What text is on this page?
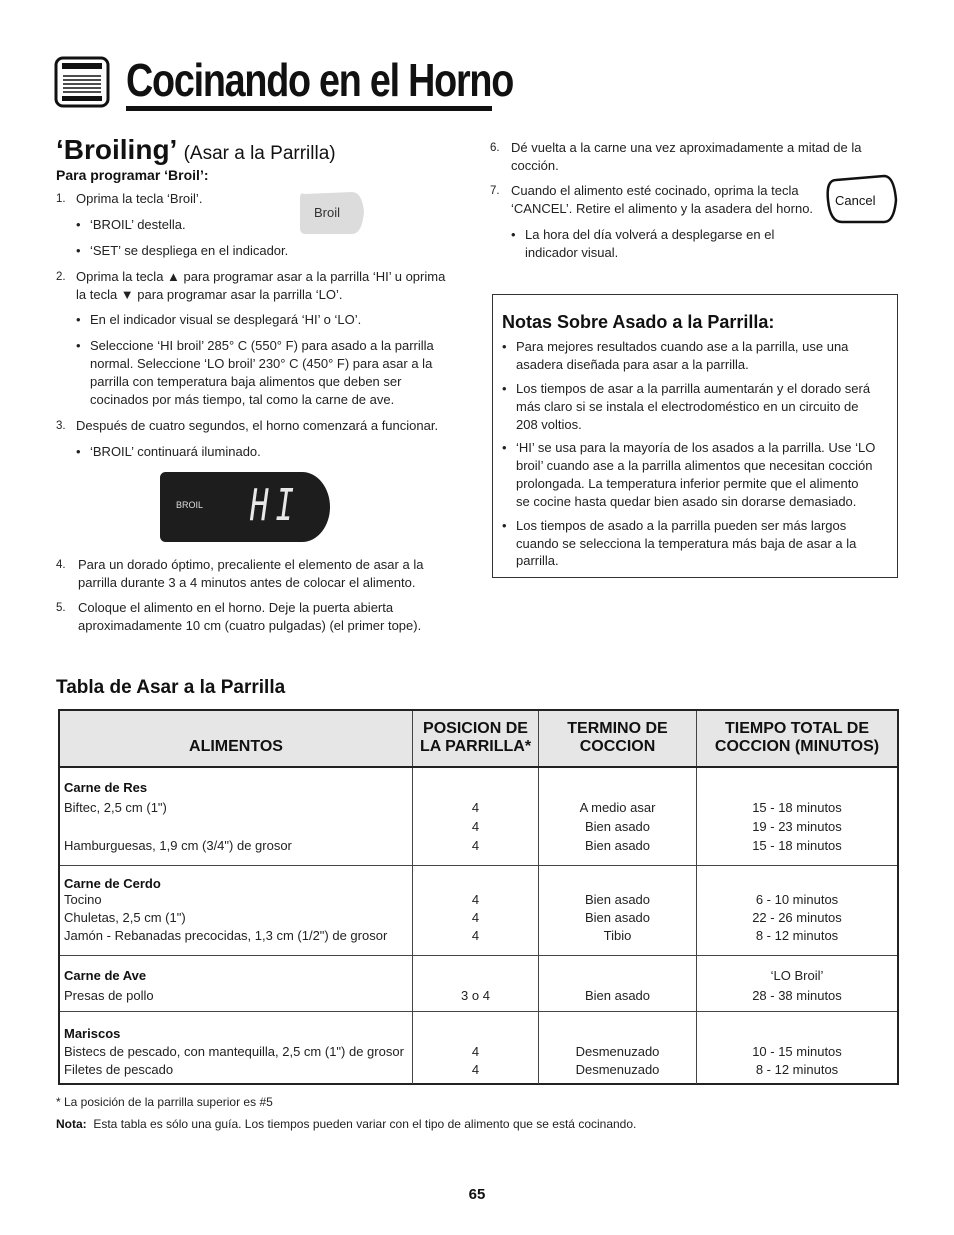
Cocinando en el Horno
‘Broiling’ (Asar a la Parrilla)
Para programar ‘Broil’:
1. Oprima la tecla ‘Broil’.
• ‘BROIL’ destella.
• ‘SET’ se despliega en el indicador.
Broil
2. Oprima la tecla ▲ para programar asar a la parrilla ‘HI’ u oprima
la tecla ▼ para programar asar la parrilla ‘LO’.
• En el indicador visual se desplegará ‘HI’ o ‘LO’.
• Seleccione ‘HI broil’ 285° C (550° F) para asado a la parrilla
normal. Seleccione ‘LO broil’ 230° C (450° F) para asar a la
parrilla con temperatura baja alimentos que deben ser
cocinados por más tiempo, tal como la carne de ave.
3. Después de cuatro segundos, el horno comenzará a funcionar.
• ‘BROIL’ continuará iluminado.
BROIL HI
4. Para un dorado óptimo, precaliente el elemento de asar a la
parrilla durante 3 a 4 minutos antes de colocar el alimento.
5. Coloque el alimento en el horno. Deje la puerta abierta
aproximadamente 10 cm (cuatro pulgadas) (el primer tope).
6. Dé vuelta a la carne una vez aproximadamente a mitad de la
cocción.
7. Cuando el alimento esté cocinado, oprima la tecla
‘CANCEL’. Retire el alimento y la asadera del horno.
• La hora del día volverá a desplegarse en el
indicador visual.
Cancel
Notas Sobre Asado a la Parrilla:
• Para mejores resultados cuando ase a la parrilla, use una
asadera diseñada para asar a la parrilla.
• Los tiempos de asar a la parrilla aumentarán y el dorado será
más claro si se instala el electrodoméstico en un circuito de
208 voltios.
• ‘HI’ se usa para la mayoría de los asados a la parrilla. Use ‘LO
broil’ cuando ase a la parrilla alimentos que necesitan cocción
prolongada. La temperatura inferior permite que el alimento
se cocine hasta quedar bien asado sin dorarse demasiado.
• Los tiempos de asado a la parrilla pueden ser más largos
cuando se selecciona la temperatura más baja de asar a la
parrilla.
Tabla de Asar a la Parrilla
ALIMENTOS
POSICION DE
LA PARRILLA*
TERMINO DE
COCCION
TIEMPO TOTAL DE
COCCION (MINUTOS)
Carne de Res
Biftec, 2,5 cm (1")
Hamburguesas, 1,9 cm (3/4") de grosor
4
4
4
A medio asar
Bien asado
Bien asado
15 - 18 minutos
19 - 23 minutos
15 - 18 minutos
Carne de Cerdo
Tocino
Chuletas, 2,5 cm (1")
Jamón - Rebanadas precocidas, 1,3 cm (1/2") de grosor
4
4
4
Bien asado
Bien asado
Tibio
6 - 10 minutos
22 - 26 minutos
8 - 12 minutos
Carne de Ave
Presas de pollo	3 o 4	Bien asado
‘LO Broil’
28 - 38 minutos
Mariscos
Bistecs de pescado, con mantequilla, 2,5 cm (1") de grosor
Filetes de pescado
4
4
Desmenuzado
Desmenuzado
10 - 15 minutos
8 - 12 minutos
* La posición de la parrilla superior es #5
Nota: Esta tabla es sólo una guía. Los tiempos pueden variar con el tipo de alimento que se está cocinando.
65
